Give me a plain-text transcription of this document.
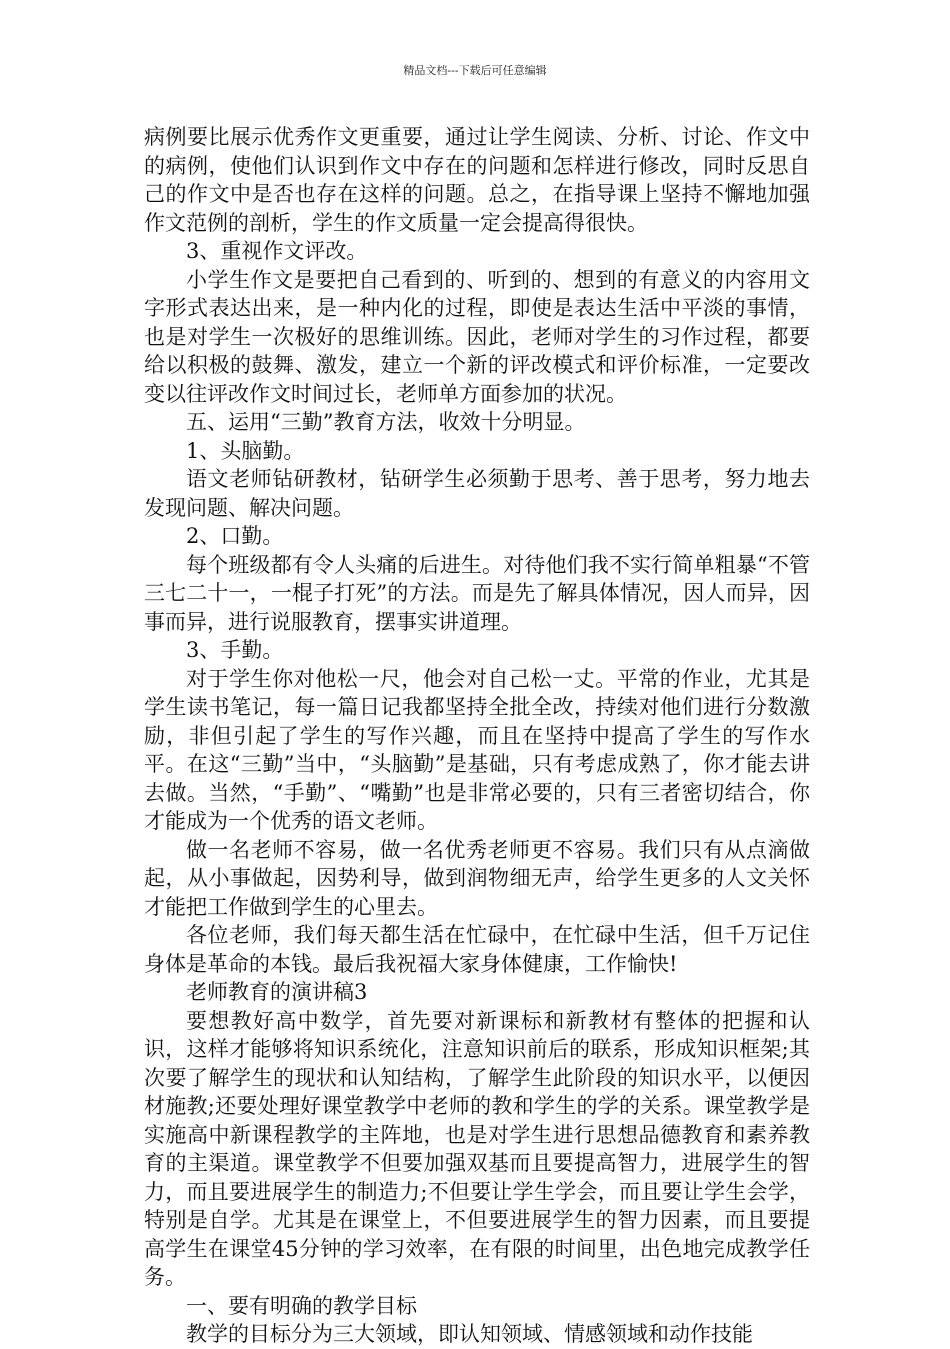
精品文档---下载后可任意编辑

病例要比展示优秀作文更重要，通过让学生阅读、分析、讨论、作文中的病例，使他们认识到作文中存在的问题和怎样进行修改，同时反思自己的作文中是否也存在这样的问题。总之，在指导课上坚持不懈地加强作文范例的剖析，学生的作文质量一定会提高得很快。

3、重视作文评改。

小学生作文是要把自己看到的、听到的、想到的有意义的内容用文字形式表达出来，是一种内化的过程，即使是表达生活中平淡的事情，也是对学生一次极好的思维训练。因此，老师对学生的习作过程，都要给以积极的鼓舞、激发，建立一个新的评改模式和评价标准，一定要改变以往评改作文时间过长，老师单方面参加的状况。

五、运用“三勤”教育方法，收效十分明显。

1、头脑勤。

语文老师钻研教材，钻研学生必须勤于思考、善于思考，努力地去发现问题、解决问题。

2、口勤。

每个班级都有令人头痛的后进生。对待他们我不实行简单粗暴“不管三七二十一，一棍子打死”的方法。而是先了解具体情况，因人而异，因事而异，进行说服教育，摆事实讲道理。

3、手勤。

对于学生你对他松一尺，他会对自己松一丈。平常的作业，尤其是学生读书笔记，每一篇日记我都坚持全批全改，持续对他们进行分数激励，非但引起了学生的写作兴趣，而且在坚持中提高了学生的写作水平。在这“三勤”当中，“头脑勤”是基础，只有考虑成熟了，你才能去讲去做。当然，“手勤”、“嘴勤”也是非常必要的，只有三者密切结合，你才能成为一个优秀的语文老师。

做一名老师不容易，做一名优秀老师更不容易。我们只有从点滴做起，从小事做起，因势利导，做到润物细无声，给学生更多的人文关怀才能把工作做到学生的心里去。

各位老师，我们每天都生活在忙碌中，在忙碌中生活，但千万记住身体是革命的本钱。最后我祝福大家身体健康，工作愉快!

老师教育的演讲稿3

要想教好高中数学，首先要对新课标和新教材有整体的把握和认识，这样才能够将知识系统化，注意知识前后的联系，形成知识框架;其次要了解学生的现状和认知结构，了解学生此阶段的知识水平，以便因材施教;还要处理好课堂教学中老师的教和学生的学的关系。课堂教学是实施高中新课程教学的主阵地，也是对学生进行思想品德教育和素养教育的主渠道。课堂教学不但要加强双基而且要提高智力，进展学生的智力，而且要进展学生的制造力;不但要让学生学会，而且要让学生会学，特别是自学。尤其是在课堂上，不但要进展学生的智力因素，而且要提高学生在课堂45分钟的学习效率，在有限的时间里，出色地完成教学任务。

一、要有明确的教学目标

教学的目标分为三大领域，即认知领域、情感领域和动作技能
